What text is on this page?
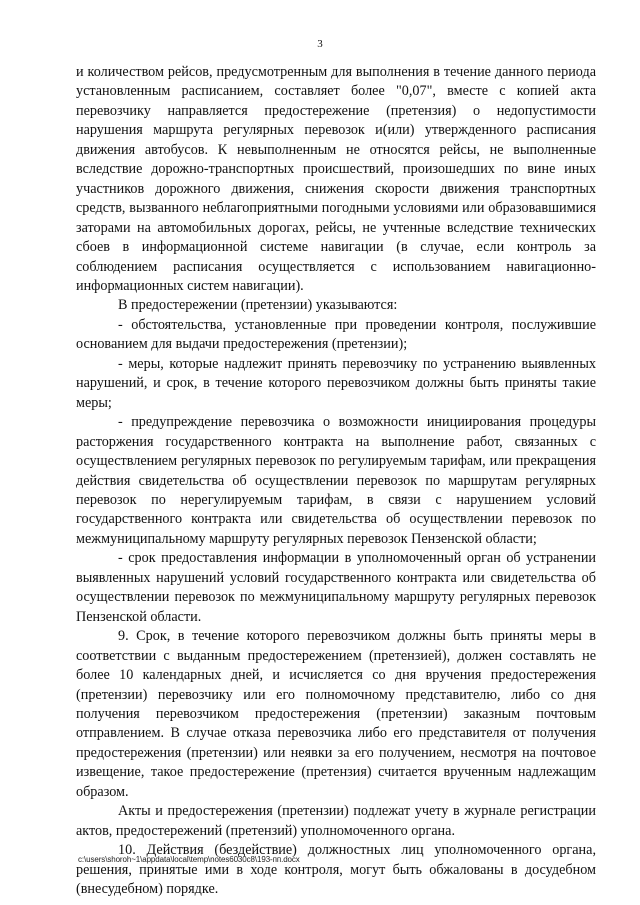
3

и количеством рейсов, предусмотренным для выполнения в течение данного периода установленным расписанием, составляет более "0,07", вместе с копией акта перевозчику направляется предостережение (претензия) о недопустимости нарушения маршрута регулярных перевозок и(или) утвержденного расписания движения автобусов. К невыполненным не относятся рейсы, не выполненные вследствие дорожно-транспортных происшествий, произошедших по вине иных участников дорожного движения, снижения скорости движения транспортных средств, вызванного неблагоприятными погодными условиями или образовавшимися заторами на автомобильных дорогах, рейсы, не учтенные вследствие технических сбоев в информационной системе навигации (в случае, если контроль за соблюдением расписания осуществляется с использованием навигационно-информационных систем навигации).

В предостережении (претензии) указываются:

- обстоятельства, установленные при проведении контроля, послужившие основанием для выдачи предостережения (претензии);

- меры, которые надлежит принять перевозчику по устранению выявленных нарушений, и срок, в течение которого перевозчиком должны быть приняты такие меры;

- предупреждение перевозчика о возможности инициирования процедуры расторжения государственного контракта на выполнение работ, связанных с осуществлением регулярных перевозок по регулируемым тарифам, или прекращения действия свидетельства об осуществлении перевозок по маршрутам регулярных перевозок по нерегулируемым тарифам, в связи с нарушением условий государственного контракта или свидетельства об осуществлении перевозок по межмуниципальному маршруту регулярных перевозок Пензенской области;

- срок предоставления информации в уполномоченный орган об устранении выявленных нарушений условий государственного контракта или свидетельства об осуществлении перевозок по межмуниципальному маршруту регулярных перевозок Пензенской области.

9. Срок, в течение которого перевозчиком должны быть приняты меры в соответствии с выданным предостережением (претензией), должен составлять не более 10 календарных дней, и исчисляется со дня вручения предостережения (претензии) перевозчику или его полномочному представителю, либо со дня получения перевозчиком предостережения (претензии) заказным почтовым отправлением. В случае отказа перевозчика либо его представителя от получения предостережения (претензии) или неявки за его получением, несмотря на почтовое извещение, такое предостережение (претензия) считается врученным надлежащим образом.

Акты и предостережения (претензии) подлежат учету в журнале регистрации актов, предостережений (претензий) уполномоченного органа.

10. Действия (бездействие) должностных лиц уполномоченного органа, решения, принятые ими в ходе контроля, могут быть обжалованы в досудебном (внесудебном) порядке.

c:\users\shoroh~1\appdata\local\temp\notes6030c8\193-пп.docx
